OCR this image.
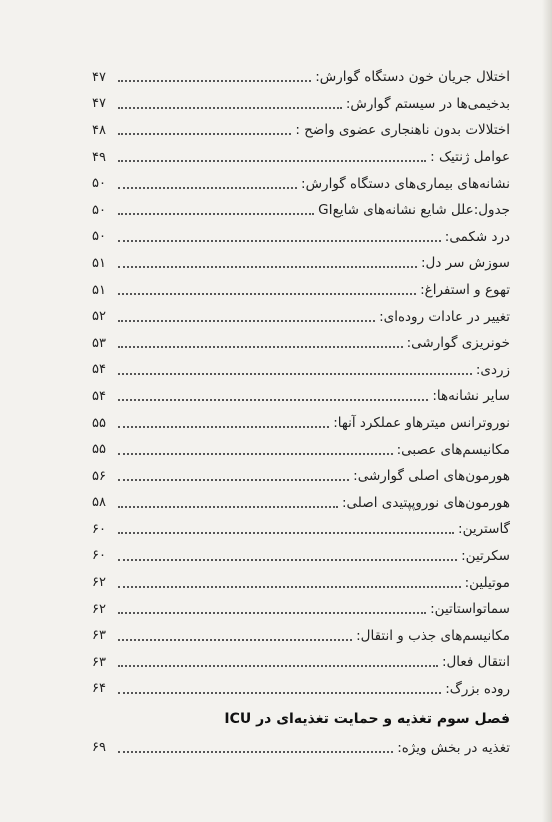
اختلال جریان خون دستگاه گوارش:
۴۷
بدخیمی‌ها در سیستم گوارش:
۴۷
اختلالات بدون ناهنجاری عضوی واضح :
۴۸
عوامل ژنتیک :
۴۹
نشانه‌های بیماری‌های دستگاه گوارش:
۵۰
جدول:علل شایع نشانه‌های شایعGI
۵۰
درد شکمی:
۵۰
سوزش سر دل:
۵۱
تهوع و استفراغ:
۵۱
تغییر در عادات روده‌ای:
۵۲
خونریزی گوارشی:
۵۳
زردی:
۵۴
سایر نشانه‌ها:
۵۴
نوروترانس میترهاو عملکرد آنها:
۵۵
مکانیسم‌های عصبی:
۵۵
هورمون‌های اصلی گوارشی:
۵۶
هورمون‌های نوروپپتیدی اصلی:
۵۸
گاسترین:
۶۰
سکرتین:
۶۰
موتیلین:
۶۲
سماتواستاتین:
۶۲
مکانیسم‌های جذب و انتقال:
۶۳
انتقال فعال:
۶۳
روده بزرگ:
۶۴
فصل سوم تغذیه و حمایت تغذیه‌ای در ICU
تغذیه در بخش ویژه:
۶۹
